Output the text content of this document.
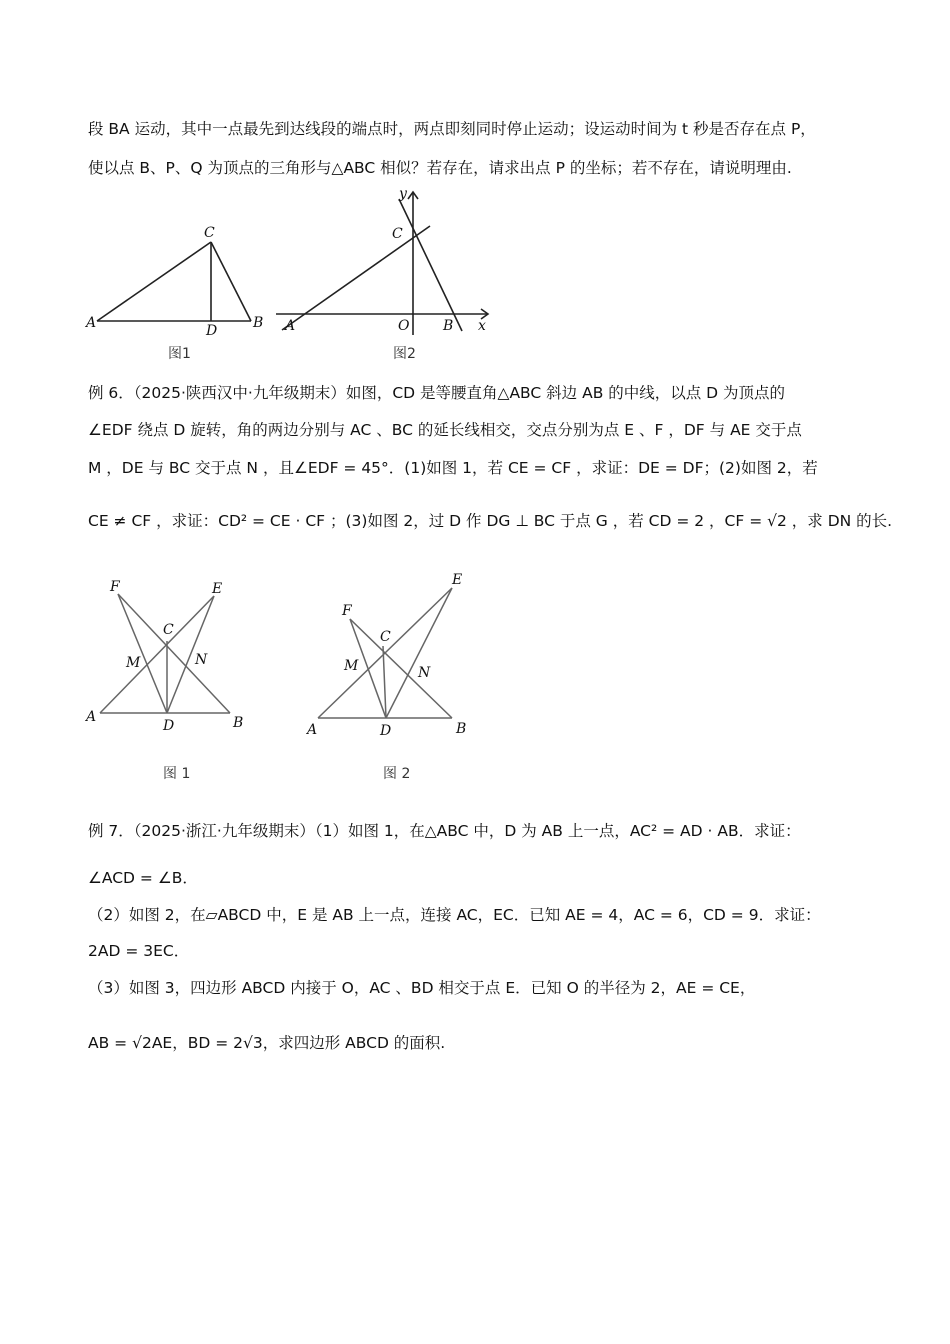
段 BA 运动，其中一点最先到达线段的端点时，两点即刻同时停止运动；设运动时间为 t 秒是否存在点 P，
使以点 B、P、Q 为顶点的三角形与△ABC 相似？若存在，请求出点 P 的坐标；若不存在，请说明理由.
A	B
C
D
图1
A	B
C
O	x
y
图2
例 6．（2025·陕西汉中·九年级期末）如图，CD 是等腰直角△ABC 斜边 AB 的中线，以点 D 为顶点的
∠EDF 绕点 D 旋转，角的两边分别与 AC 、BC 的延长线相交，交点分别为点 E 、F ，DF 与 AE 交于点
M ，DE 与 BC 交于点 N ，且∠EDF = 45°．(1)如图 1，若 CE = CF ，求证：DE = DF；(2)如图 2，若
CE ≠ CF ，求证：CD² = CE · CF ；(3)如图 2，过 D 作 DG ⊥ BC 于点 G ，若 CD = 2 ，CF = √2 ，求 DN 的长.
F	E
C
M	N
A
D	B
图 1
F
E
C
M	N
A	D	B
图 2
例 7．（2025·浙江·九年级期末）（1）如图 1，在△ABC 中，D 为 AB 上一点，AC² = AD · AB．求证：
∠ACD = ∠B．
（2）如图 2，在▱ABCD 中，E 是 AB 上一点，连接 AC，EC．已知 AE = 4，AC = 6，CD = 9．求证：
2AD = 3EC．
（3）如图 3，四边形 ABCD 内接于 O，AC 、BD 相交于点 E．已知 O 的半径为 2，AE = CE，
AB = √2AE，BD = 2√3，求四边形 ABCD 的面积.
